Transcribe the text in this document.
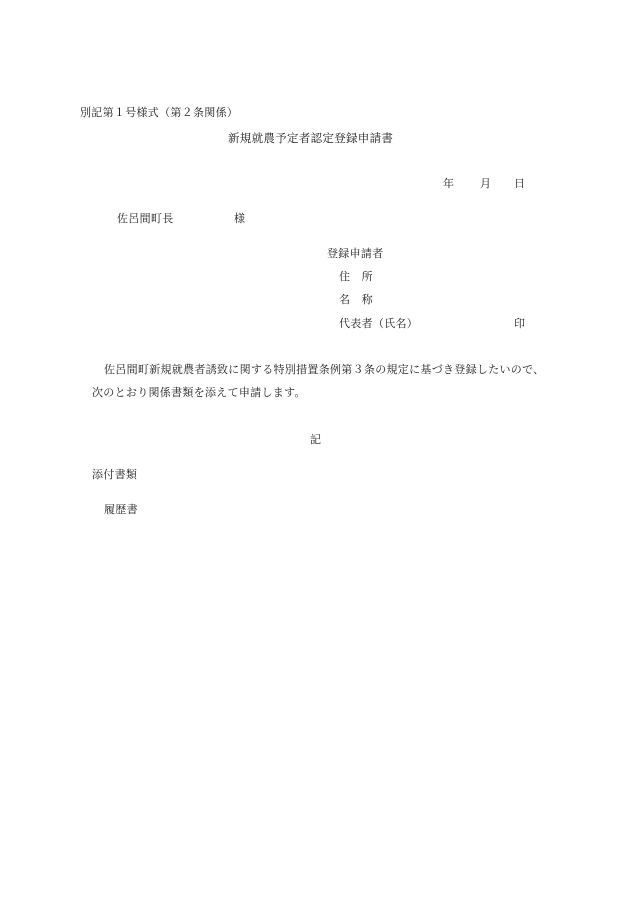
別記第１号様式（第２条関係）
新規就農予定者認定登録申請書
年 月 日
佐呂間町長	様
登録申請者
住　所
名　称
代表者（氏名）	印
佐呂間町新規就農者誘致に関する特別措置条例第３条の規定に基づき登録したいので、
次のとおり関係書類を添えて申請します。
記
添付書類
履歴書
